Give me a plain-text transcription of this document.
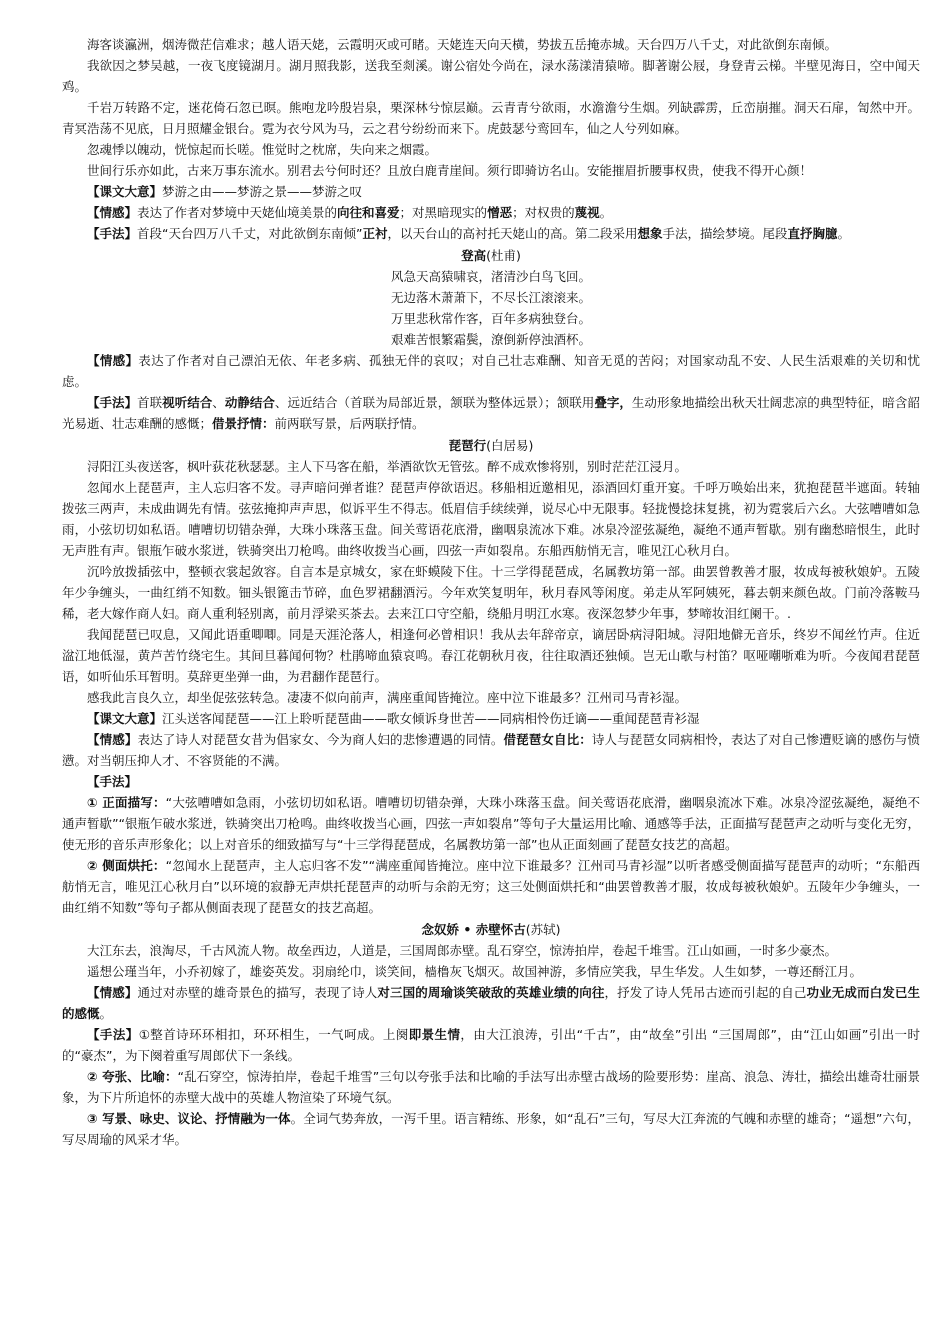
海客谈瀛洲，烟涛微茫信难求；越人语天姥，云霞明灭或可睹。天姥连天向天横，势拔五岳掩赤城。天台四万八千丈，对此欲倒东南倾。

我欲因之梦吴越，一夜飞度镜湖月。湖月照我影，送我至剡溪。谢公宿处今尚在，渌水荡漾清猿啼。脚著谢公屐，身登青云梯。半壁见海日，空中闻天鸡。

千岩万转路不定，迷花倚石忽已暝。熊咆龙吟殷岩泉，栗深林兮惊层巅。云青青兮欲雨，水澹澹兮生烟。列缺霹雳，丘峦崩摧。洞天石扉，訇然中开。青冥浩荡不见底，日月照耀金银台。霓为衣兮风为马，云之君兮纷纷而来下。虎鼓瑟兮鸾回车，仙之人兮列如麻。

忽魂悸以魄动，恍惊起而长嗟。惟觉时之枕席，失向来之烟霞。

世间行乐亦如此，古来万事东流水。别君去兮何时还？且放白鹿青崖间。须行即骑访名山。安能摧眉折腰事权贵，使我不得开心颜！

【课文大意】梦游之由——梦游之景——梦游之叹

【情感】表达了作者对梦境中天姥仙境美景的向往和喜爱；对黑暗现实的憎恶；对权贵的蔑视。

【手法】首段“天台四万八千丈，对此欲倒东南倾”正衬，以天台山的高衬托天姥山的高。第二段采用想象手法，描绘梦境。尾段直抒胸臆。

登高(杜甫)

风急天高猿啸哀，渚清沙白鸟飞回。

无边落木萧萧下，不尽长江滚滚来。

万里悲秋常作客，百年多病独登台。

艰难苦恨繁霜鬓，潦倒新停浊酒杯。

【情感】表达了作者对自己漂泊无依、年老多病、孤独无伴的哀叹；对自己壮志难酬、知音无觅的苦闷；对国家动乱不安、人民生活艰难的关切和忧虑。

【手法】首联视听结合、动静结合、远近结合（首联为局部近景，颔联为整体远景）；颔联用叠字，生动形象地描绘出秋天壮阔悲凉的典型特征，暗含韶光易逝、壮志难酬的感慨；借景抒情：前两联写景，后两联抒情。

琵琶行(白居易)

浔阳江头夜送客，枫叶荻花秋瑟瑟。主人下马客在船，举酒欲饮无管弦。醉不成欢惨将别，别时茫茫江浸月。

忽闻水上琵琶声，主人忘归客不发。寻声暗问弹者谁？琵琶声停欲语迟。移船相近邀相见，添酒回灯重开宴。千呼万唤始出来，犹抱琵琶半遮面。转轴拨弦三两声，未成曲调先有情。弦弦掩抑声声思，似诉平生不得志。低眉信手续续弹，说尽心中无限事。轻拢慢捻抹复挑，初为霓裳后六幺。大弦嘈嘈如急雨，小弦切切如私语。嘈嘈切切错杂弹，大珠小珠落玉盘。间关莺语花底滑，幽咽泉流冰下难。冰泉冷涩弦凝绝，凝绝不通声暂歇。别有幽愁暗恨生，此时无声胜有声。银瓶乍破水浆迸，铁骑突出刀枪鸣。曲终收拨当心画，四弦一声如裂帛。东船西舫悄无言，唯见江心秋月白。

沉吟放拨插弦中，整顿衣裳起敛容。自言本是京城女，家在虾蟆陵下住。十三学得琵琶成，名属教坊第一部。曲罢曾教善才服，妆成每被秋娘妒。五陵年少争缠头，一曲红绡不知数。钿头银篦击节碎，血色罗裙翻酒污。今年欢笑复明年，秋月春风等闲度。弟走从军阿姨死，暮去朝来颜色故。门前冷落鞍马稀，老大嫁作商人妇。商人重利轻别离，前月浮梁买茶去。去来江口守空船，绕船月明江水寒。夜深忽梦少年事，梦啼妆泪红阑干。.

我闻琵琶已叹息，又闻此语重唧唧。同是天涯沦落人，相逢何必曾相识！我从去年辞帝京，谪居卧病浔阳城。浔阳地僻无音乐，终岁不闻丝竹声。住近湓江地低湿，黄芦苦竹绕宅生。其间旦暮闻何物？杜鹃啼血猿哀鸣。春江花朝秋月夜，往往取酒还独倾。岂无山歌与村笛？呕哑嘲哳难为听。今夜闻君琵琶语，如听仙乐耳暂明。莫辞更坐弹一曲，为君翻作琵琶行。

感我此言良久立，却坐促弦弦转急。凄凄不似向前声，满座重闻皆掩泣。座中泣下谁最多？江州司马青衫湿。

【课文大意】江头送客闻琵琶——江上聆听琵琶曲——歌女倾诉身世苦——同病相怜伤迁谪——重闻琵琶青衫湿

【情感】表达了诗人对琵琶女昔为倡家女、今为商人妇的悲惨遭遇的同情。借琵琶女自比：诗人与琵琶女同病相怜，表达了对自己惨遭贬谪的感伤与愤懑。对当朝压抑人才、不容贤能的不满。

【手法】

① 正面描写：“大弦嘈嘈如急雨，小弦切切如私语。嘈嘈切切错杂弹，大珠小珠落玉盘。间关莺语花底滑，幽咽泉流冰下难。冰泉冷涩弦凝绝，凝绝不通声暂歇”“银瓶乍破水浆迸，铁骑突出刀枪鸣。曲终收拨当心画，四弦一声如裂帛”等句子大量运用比喻、通感等手法，正面描写琵琶声之动听与变化无穷，使无形的音乐声形象化；以上对音乐的细致描写与“十三学得琵琶成，名属教坊第一部”也从正面刻画了琵琶女技艺的高超。

② 侧面烘托：“忽闻水上琵琶声，主人忘归客不发”“满座重闻皆掩泣。座中泣下谁最多？江州司马青衫湿”以听者感受侧面描写琵琶声的动听；“东船西舫悄无言，唯见江心秋月白”以环境的寂静无声烘托琵琶声的动听与余韵无穷；这三处侧面烘托和“曲罢曾教善才服，妆成每被秋娘妒。五陵年少争缠头，一曲红绡不知数”等句子都从侧面表现了琵琶女的技艺高超。

念奴娇 • 赤壁怀古(苏轼)

大江东去，浪淘尽，千古风流人物。故垒西边，人道是，三国周郎赤壁。乱石穿空，惊涛拍岸，卷起千堆雪。江山如画，一时多少豪杰。

遥想公瑾当年，小乔初嫁了，雄姿英发。羽扇纶巾，谈笑间，樯橹灰飞烟灭。故国神游，多情应笑我，早生华发。人生如梦，一尊还酹江月。

【情感】通过对赤壁的雄奇景色的描写，表现了诗人对三国的周瑜谈笑破敌的英雄业绩的向往，抒发了诗人凭吊古迹而引起的自己功业无成而白发已生的感慨。

【手法】①整首诗环环相扣，环环相生，一气呵成。上阕即景生情，由大江浪涛，引出“千古”，由“故垒”引出 “三国周郎”，由“江山如画”引出一时的“豪杰”，为下阕着重写周郎伏下一条线。

② 夸张、比喻：“乱石穿空，惊涛拍岸，卷起千堆雪”三句以夸张手法和比喻的手法写出赤壁古战场的险要形势：崖高、浪急、涛壮，描绘出雄奇壮丽景象，为下片所追怀的赤壁大战中的英雄人物渲染了环境气氛。

③ 写景、咏史、议论、抒情融为一体。全词气势奔放，一泻千里。语言精练、形象，如“乱石”三句，写尽大江奔流的气魄和赤壁的雄奇；“遥想”六句，写尽周瑜的风采才华。
